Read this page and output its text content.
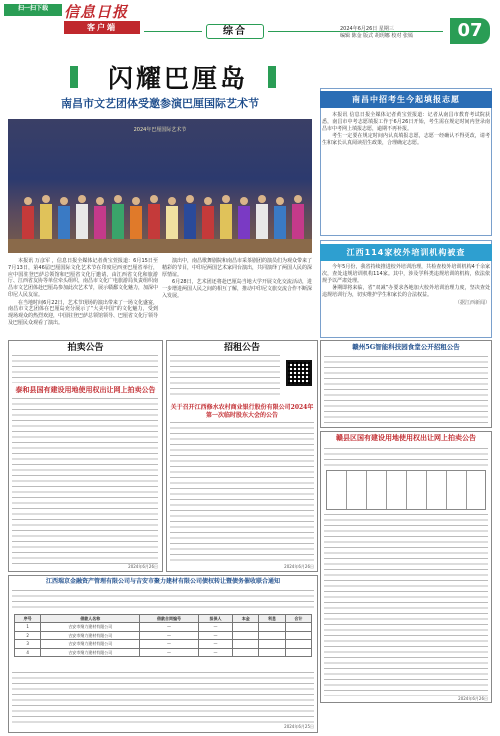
扫一扫下载	信息日报
客户端	综合	2024年6月26日 星期三
编辑 陈金 版式 胡玥娜 校对 张嫣	07
闪耀巴厘岛
南昌市文艺团体受邀参演巴厘国际艺术节
2024年巴厘国际艺术节

本报讯 万彦军 ，信息日报全媒体记者黄宝萱报道：6月15日至7月13日，第46届巴厘国际文化艺术节在印度尼西亚巴厘省举行，应中国驻登巴萨总领馆和巴厘省文化厅邀请，由江西省文化和旅游厅、江西省友协等单位牵头组织，南昌市文化广电旅游局负责组织南昌市文艺团体赴巴厘岛参加此次艺术节，展示赣鄱文化魅力，加深中印尼人民友谊。

在当地时间6月22日，艺术节现场的演出带来了一场文化盛宴，南昌市文艺团体在巴厘岛充分展示了“大美中国”的文化魅力，受到现场观众的热烈欢迎，中国驻登巴萨总领馆领导、巴厘省文化厅领导及巴厘民众观看了演出。

演出中，南昌歌舞剧院和南昌市采茶剧团的演员们为观众带来了精彩的节目，中印尼两国艺术家同台演出，共同演绎了两国人民的深厚情谊。

6月28日，艺术团还将赴巴厘岛当地大学开展文化交流活动，进一步增进两国人民之间的相互了解，推动中印尼文旅交流合作不断深入发展。

南昌中招考生今起填报志愿

本报讯 信息日报全媒体记者黄宝萱报道：记者从南昌市教育考试院获悉，南昌市中考志愿填报工作于6月26日开始，考生需在规定时间内登录南昌市中考网上填报志愿，逾期不再补报。

考生一定要在规定时间内认真填报志愿，志愿一经确认不得更改，请考生和家长认真阅读招生政策，合理确定志愿。

江西114家校外培训机构被查

今年5月份，我省持续推进校外培训治理，共检查校外培训机构4千余家次，查处违规培训机构114家。其中，涉及学科类违规培训的机构，依法依规予以严肃处理。

暑期即将来临，省“双减”办要求各地加大校外培训治理力度，坚决查处违规培训行为，切实维护学生和家长的合法权益。

（据江西新闻）
拍卖公告
泰和县国有建设用地使用权出让网上拍卖公告
2024年6月26日
招租公告
关于召开江西修水农村商业银行股份有限公司2024年第一次临时股东大会的公告
2024年6月26日
赣州5G智能科技园食堂公开招租公告
赣县区国有建设用地使用权出让网上拍卖公告
2024年6月26日
江西瑞京金融资产管理有限公司与吉安市聚力建材有限公司债权转让暨债务催收联合通知
序号	借款人名称	借款合同编号	担保人	本金	利息	合计
1	吉安市聚力建材有限公司	—	—			
2	吉安市聚力建材有限公司	—	—			
3	吉安市聚力建材有限公司	—	—			
4	吉安市聚力建材有限公司	—	—			
2024年6月25日
